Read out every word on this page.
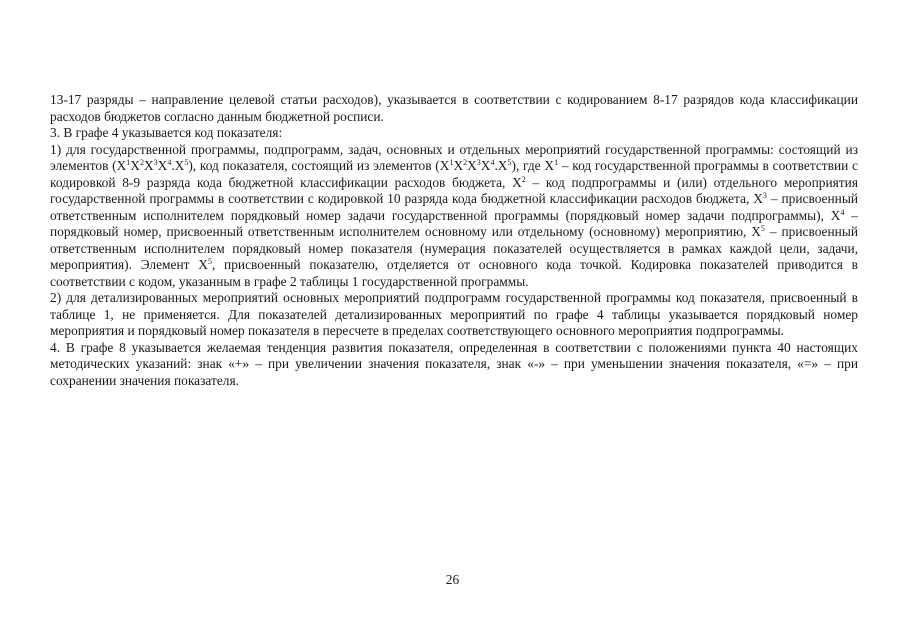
13-17 разряды – направление целевой статьи расходов), указывается в соответствии с кодированием 8-17 разрядов кода классификации расходов бюджетов согласно данным бюджетной росписи.

3. В графе 4 указывается код показателя:

1) для государственной программы, подпрограмм, задач, основных и отдельных мероприятий государственной программы: состоящий из элементов $(X^1X^2X^3X^4.X^5)$, код показателя, состоящий из элементов $(X^1X^2X^3X^4.X^5)$, где $X^1$ – код государственной программы в соответствии с кодировкой 8-9 разряда кода бюджетной классификации расходов бюджета, $X^2$ – код подпрограммы и (или) отдельного мероприятия государственной программы в соответствии с кодировкой 10 разряда кода бюджетной классификации расходов бюджета, $X^3$ – присвоенный ответственным исполнителем порядковый номер задачи государственной программы (порядковый номер задачи подпрограммы), $X^4$ – порядковый номер, присвоенный ответственным исполнителем основному или отдельному (основному) мероприятию, $X^5$ – присвоенный ответственным исполнителем порядковый номер показателя (нумерация показателей осуществляется в рамках каждой цели, задачи, мероприятия). Элемент $X^5$, присвоенный показателю, отделяется от основного кода точкой. Кодировка показателей приводится в соответствии с кодом, указанным в графе 2 таблицы 1 государственной программы.

2) для детализированных мероприятий основных мероприятий подпрограмм государственной программы код показателя, присвоенный в таблице 1, не применяется. Для показателей детализированных мероприятий по графе 4 таблицы указывается порядковый номер мероприятия и порядковый номер показателя в пересчете в пределах соответствующего основного мероприятия подпрограммы.

4. В графе 8 указывается желаемая тенденция развития показателя, определенная в соответствии с положениями пункта 40 настоящих методических указаний: знак «+» – при увеличении значения показателя, знак «-» – при уменьшении значения показателя, «=» – при сохранении значения показателя.

26
